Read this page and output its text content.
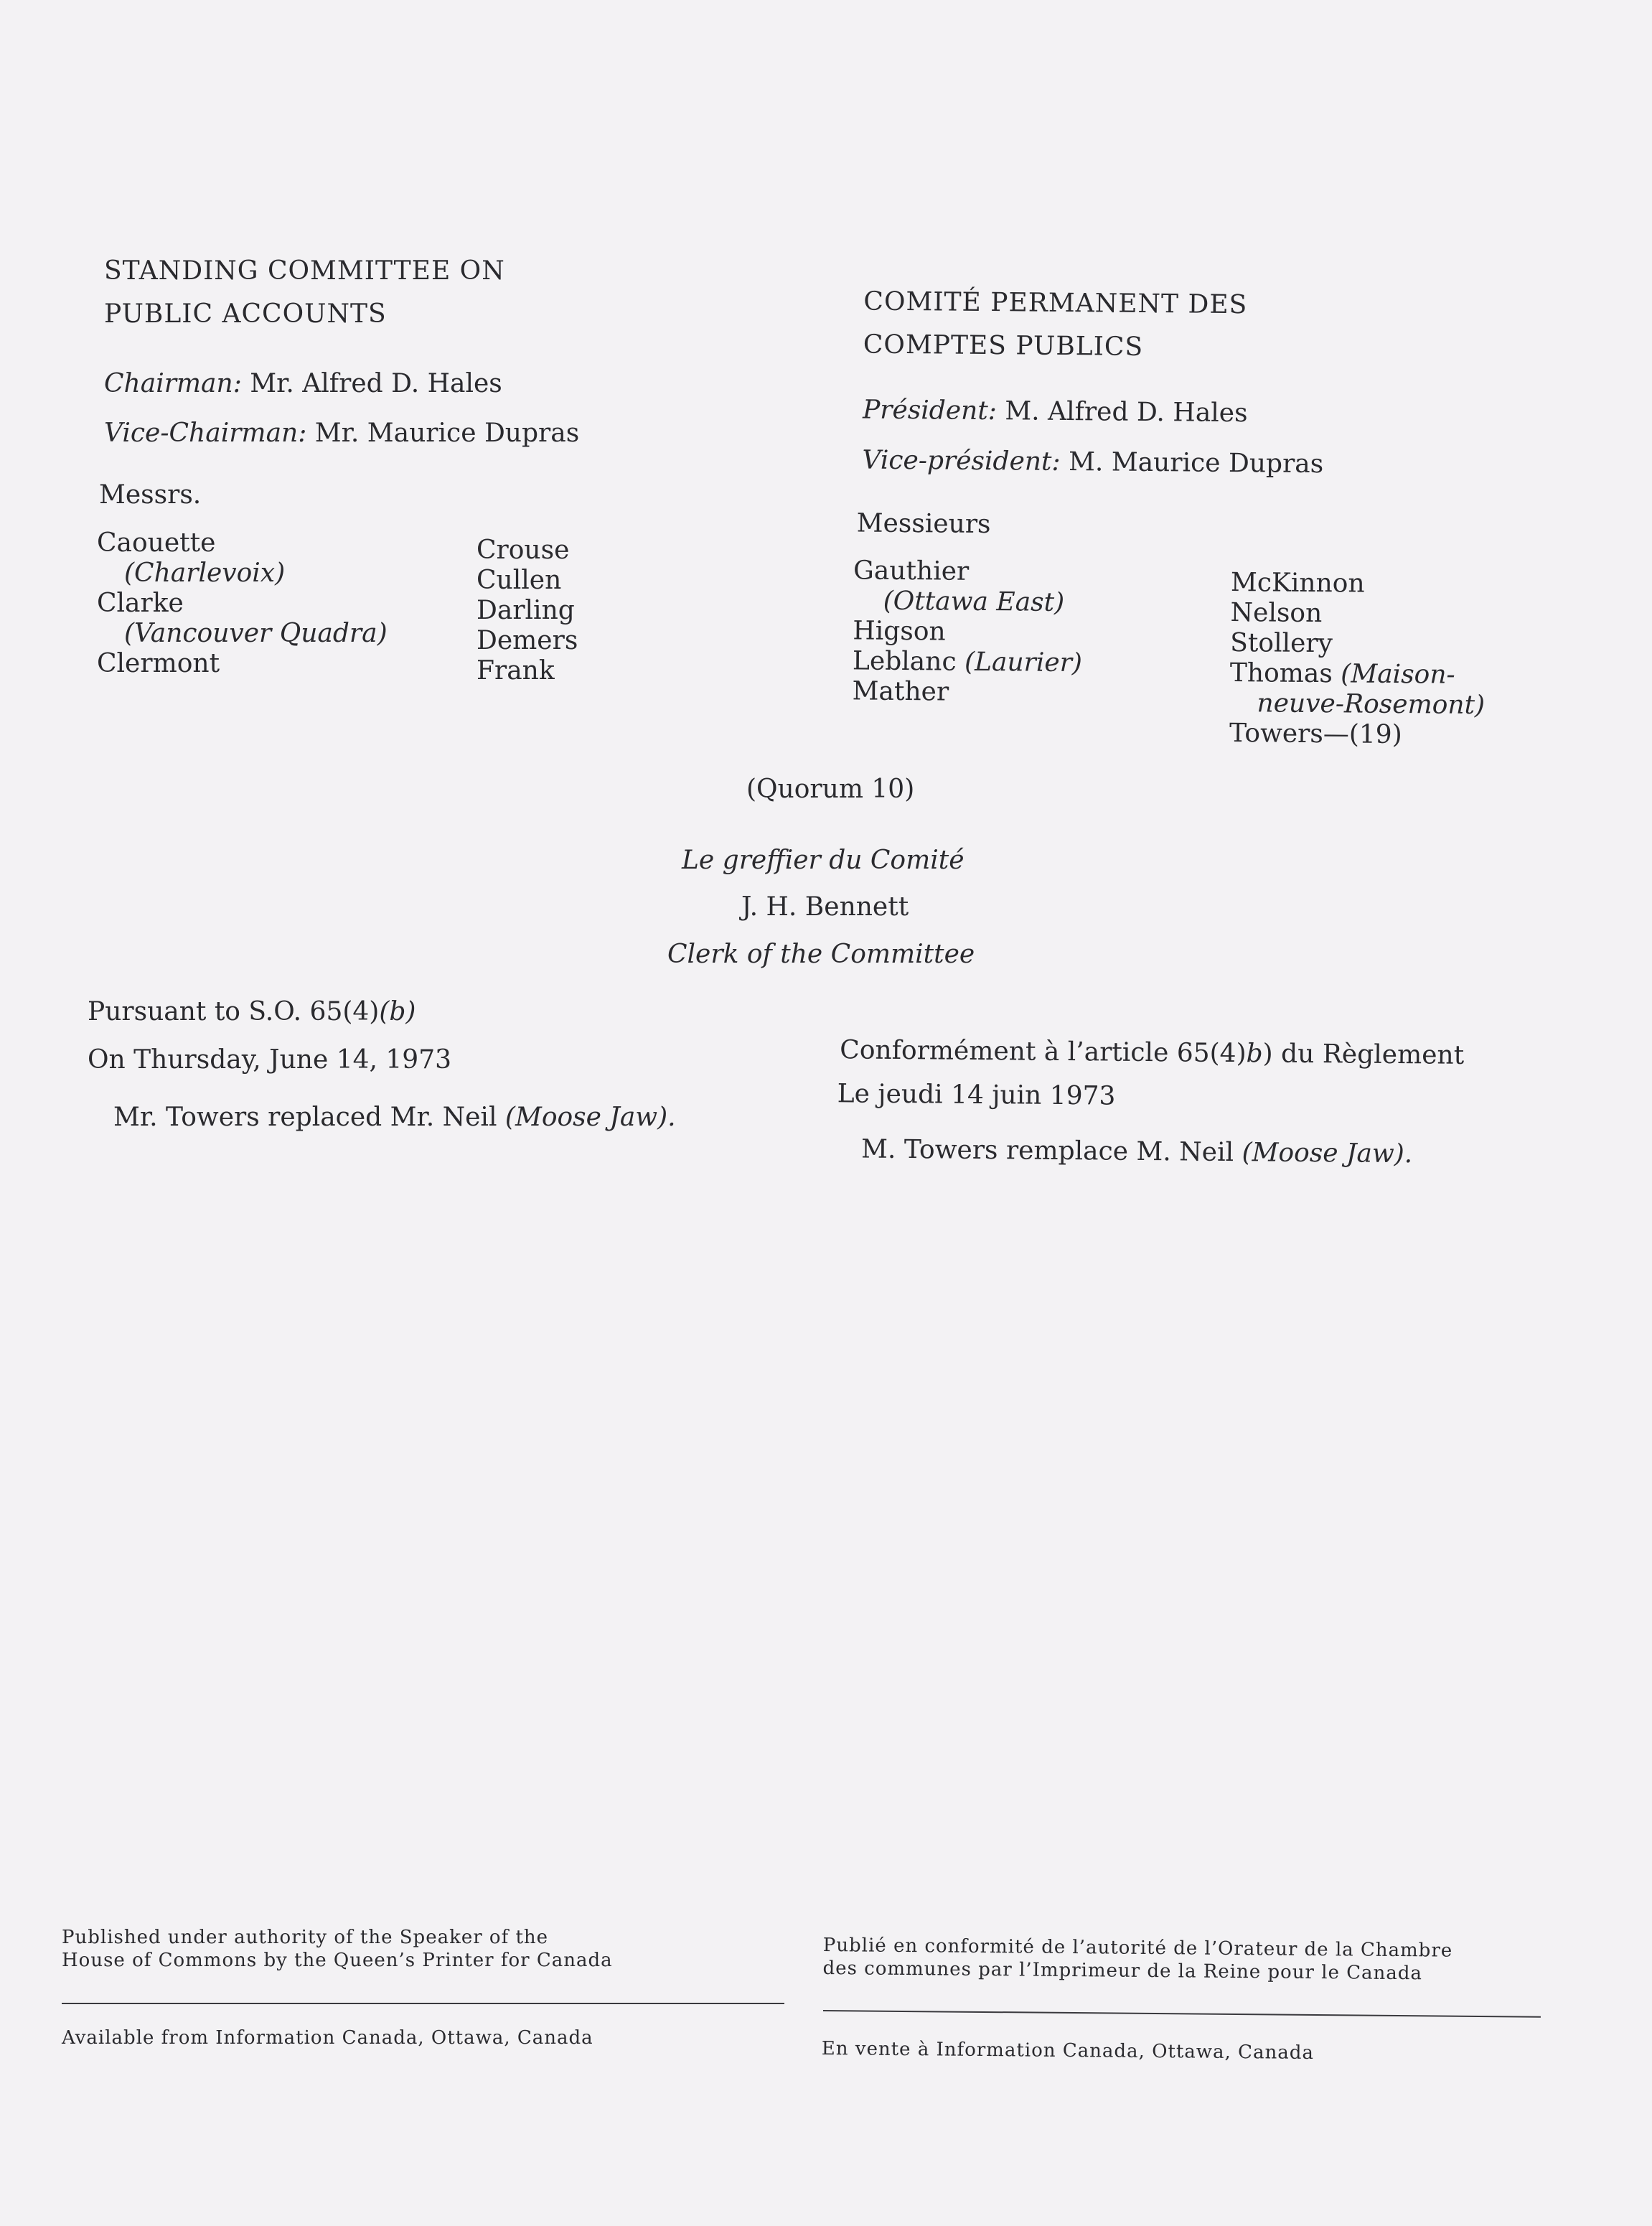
STANDING COMMITTEE ON
PUBLIC ACCOUNTS
Chairman: Mr. Alfred D. Hales
Vice-Chairman: Mr. Maurice Dupras
Messrs.
Caouette
(Charlevoix)
Clarke
(Vancouver Quadra)
Clermont
Crouse
Cullen
Darling
Demers
Frank
Pursuant to S.O. 65(4)(b)
On Thursday, June 14, 1973
Mr. Towers replaced Mr. Neil (Moose Jaw).
COMITÉ PERMANENT DES
COMPTES PUBLICS
Président: M. Alfred D. Hales
Vice-président: M. Maurice Dupras
Messieurs
Gauthier
(Ottawa East)
Higson
Leblanc (Laurier)
Mather
McKinnon
Nelson
Stollery
Thomas (Maison-
neuve-Rosemont)
Towers—(19)
Conformément à l’article 65(4)b) du Règlement
Le jeudi 14 juin 1973
M. Towers remplace M. Neil (Moose Jaw).
(Quorum 10)
Le greffier du Comité
J. H. Bennett
Clerk of the Committee
Published under authority of the Speaker of the
House of Commons by the Queen’s Printer for Canada
Available from Information Canada, Ottawa, Canada
Publié en conformité de l’autorité de l’Orateur de la Chambre
des communes par l’Imprimeur de la Reine pour le Canada
En vente à Information Canada, Ottawa, Canada
